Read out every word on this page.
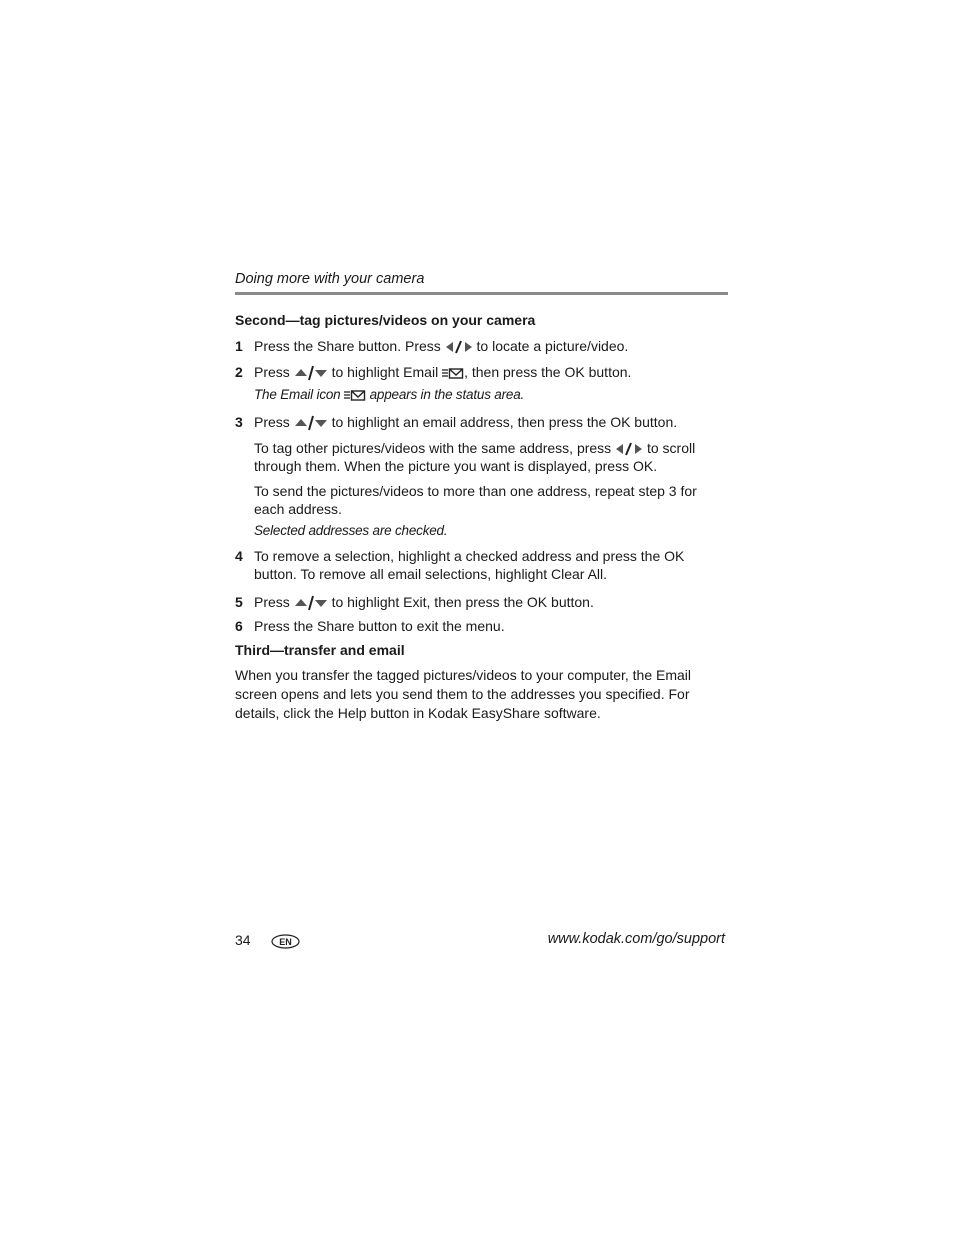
Doing more with your camera
Second—tag pictures/videos on your camera
1 Press the Share button. Press	to locate a picture/video.
2 Press	to highlight Email , then press the OK button.
The Email icon appears in the status area.
3 Press	to highlight an email address, then press the OK button.
To tag other pictures/videos with the same address, press	to scroll through them. When the picture you want is displayed, press OK.
To send the pictures/videos to more than one address, repeat step 3 for each address.
Selected addresses are checked.
4 To remove a selection, highlight a checked address and press the OK button. To remove all email selections, highlight Clear All.
5 Press	to highlight Exit, then press the OK button.
6 Press the Share button to exit the menu.
Third—transfer and email
When you transfer the tagged pictures/videos to your computer, the Email screen opens and lets you send them to the addresses you specified. For details, click the Help button in Kodak EasyShare software.
34	EN	www.kodak.com/go/support
